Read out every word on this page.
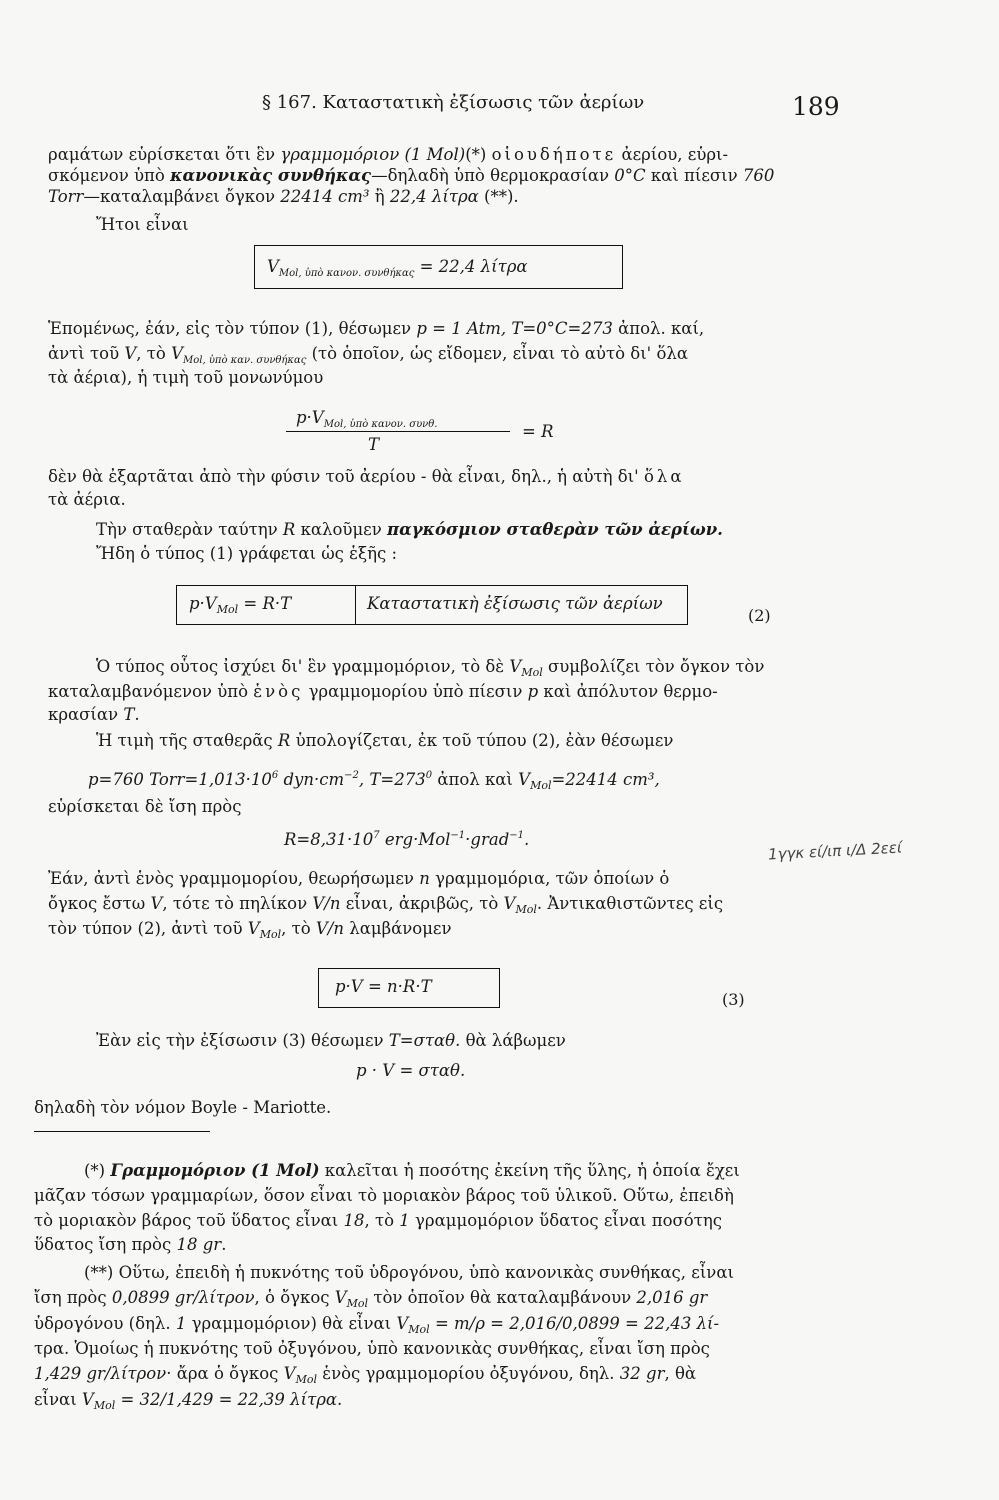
§ 167. Καταστατικὴ ἐξίσωσις τῶν ἀερίων	189
ραμάτων εὑρίσκεται ὅτι ἓν γραμμομόριον (1 Mol)(*) οἱουδήποτε ἀερίου, εὑρι-
σκόμενον ὑπὸ κανονικὰς συνθήκας—δηλαδὴ ὑπὸ θερμοκρασίαν 0°C καὶ πίεσιν 760
Torr—καταλαμβάνει ὄγκον 22414 cm³ ἢ 22,4 λίτρα (**).
Ἤτοι εἶναι
$V_{Mol, ὑ\pi ὸ \kappa\alpha\nu o\nu. \sigma\upsilon\nu\theta ή\kappa\alpha\varsigma} = 22,4$ λίτρα
Ἑπομένως, ἐάν, εἰς τὸν τύπον (1), θέσωμεν p = 1 Atm, T=0°C=273 ἀπολ. καί,
ἀντὶ τοῦ V, τὸ $V_{Mol, ὑ\pi ὸ \kappa\alpha\nu. \sigma\upsilon\nu\theta ή\kappa\alpha\varsigma}$ (τὸ ὁποῖον, ὡς εἴδομεν, εἶναι τὸ αὐτὸ δι' ὅλα
τὰ ἀέρια), ἡ τιμὴ τοῦ μονωνύμου
$p\cdot V_{Mol, ὑ\pi ὸ \kappa\alpha\nu o\nu. \sigma\upsilon\nu\theta.}$
T
= R
δὲν θὰ ἐξαρτᾶται ἀπὸ τὴν φύσιν τοῦ ἀερίου - θὰ εἶναι, δηλ., ἡ αὐτὴ δι' ὅλα
τὰ ἀέρια.
Τὴν σταθερὰν ταύτην R καλοῦμεν παγκόσμιον σταθερὰν τῶν ἀερίων.
Ἤδη ὁ τύπος (1) γράφεται ὡς ἑξῆς :
$p\cdot V_{Mol} = R\cdot T$	Καταστατικὴ ἐξίσωσις τῶν ἀερίων
(2)
Ὁ τύπος οὗτος ἰσχύει δι' ἓν γραμμομόριον, τὸ δὲ $V_{Mol}$ συμβολίζει τὸν ὄγκον τὸν
καταλαμβανόμενον ὑπὸ ἑνὸς γραμμομορίου ὑπὸ πίεσιν p καὶ ἀπόλυτον θερμο-
κρασίαν T.
Ἡ τιμὴ τῆς σταθερᾶς R ὑπολογίζεται, ἐκ τοῦ τύπου (2), ἐὰν θέσωμεν
p=760 $Torr=1,013\cdot 10^6$ $dyn\cdot cm^{-2}$, $T=273^0$ ἀπολ καὶ $V_{Mol}=22414$ cm³,
εὑρίσκεται δὲ ἴση πρὸς
$R=8,31\cdot 10^7$ erg·Mol$^{-1}$·grad$^{-1}$.	1γγκ εί/ιπ ι/Δ 2εεί
Ἐάν, ἀντὶ ἑνὸς γραμμομορίου, θεωρήσωμεν n γραμμομόρια, τῶν ὁποίων ὁ
ὄγκος ἔστω V, τότε τὸ πηλίκον V/n εἶναι, ἀκριβῶς, τὸ $V_{Mol}$. Ἀντικαθιστῶντες εἰς
τὸν τύπον (2), ἀντὶ τοῦ $V_{Mol}$, τὸ V/n λαμβάνομεν
p·V = n·R·T
(3)
Ἐὰν εἰς τὴν ἐξίσωσιν (3) θέσωμεν T=σταθ. θὰ λάβωμεν
p · V = σταθ.
δηλαδὴ τὸν νόμον Boyle - Mariotte.
(*) Γραμμομόριον (1 Mol) καλεῖται ἡ ποσότης ἐκείνη τῆς ὕλης, ἡ ὁποία ἔχει
μᾶζαν τόσων γραμμαρίων, ὅσον εἶναι τὸ μοριακὸν βάρος τοῦ ὑλικοῦ. Οὕτω, ἐπειδὴ
τὸ μοριακὸν βάρος τοῦ ὕδατος εἶναι 18, τὸ 1 γραμμομόριον ὕδατος εἶναι ποσότης
ὕδατος ἴση πρὸς 18 gr.
(**) Οὕτω, ἐπειδὴ ἡ πυκνότης τοῦ ὑδρογόνου, ὑπὸ κανονικὰς συνθήκας, εἶναι
ἴση πρὸς 0,0899 gr/λίτρον, ὁ ὄγκος $V_{Mol}$ τὸν ὁποῖον θὰ καταλαμβάνουν 2,016 gr
ὑδρογόνου (δηλ. 1 γραμμομόριον) θὰ εἶναι $V_{Mol} = m/\rho = 2,016/0,0899 = 22,43$ λί-
τρα. Ὁμοίως ἡ πυκνότης τοῦ ὀξυγόνου, ὑπὸ κανονικὰς συνθήκας, εἶναι ἴση πρὸς
1,429 gr/λίτρον· ἄρα ὁ ὄγκος $V_{Mol}$ ἑνὸς γραμμομορίου ὀξυγόνου, δηλ. 32 gr, θὰ
εἶναι $V_{Mol} = 32/1,429 = 22,39$ λίτρα.
